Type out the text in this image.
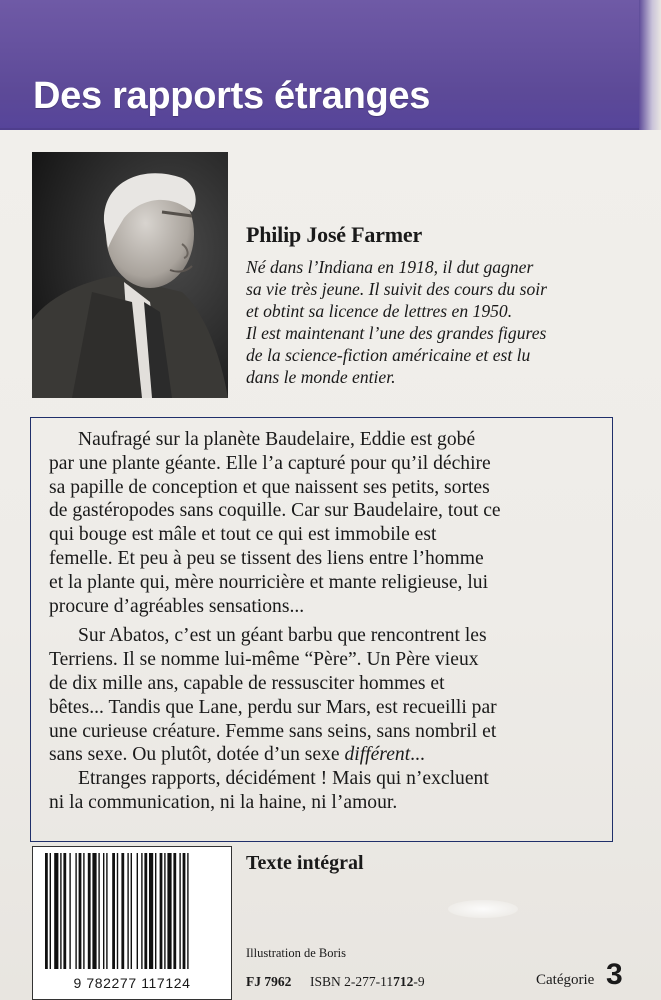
Des rapports étranges
Philip José Farmer
Né dans l’Indiana en 1918, il dut gagner
sa vie très jeune. Il suivit des cours du soir
et obtint sa licence de lettres en 1950.
Il est maintenant l’une des grandes figures
de la science-fiction américaine et est lu
dans le monde entier.
Naufragé sur la planète Baudelaire, Eddie est gobé
par une plante géante. Elle l’a capturé pour qu’il déchire
sa papille de conception et que naissent ses petits, sortes
de gastéropodes sans coquille. Car sur Baudelaire, tout ce
qui bouge est mâle et tout ce qui est immobile est
femelle. Et peu à peu se tissent des liens entre l’homme
et la plante qui, mère nourricière et mante religieuse, lui
procure d’agréables sensations...
Sur Abatos, c’est un géant barbu que rencontrent les
Terriens. Il se nomme lui-même “Père”. Un Père vieux
de dix mille ans, capable de ressusciter hommes et
bêtes... Tandis que Lane, perdu sur Mars, est recueilli par
une curieuse créature. Femme sans seins, sans nombril et
sans sexe. Ou plutôt, dotée d’un sexe différent...
Etranges rapports, décidément ! Mais qui n’excluent
ni la communication, ni la haine, ni l’amour.
9 782277 117124
Texte intégral
Illustration de Boris
FJ 7962 ISBN 2-277-11712-9	Catégorie 3
